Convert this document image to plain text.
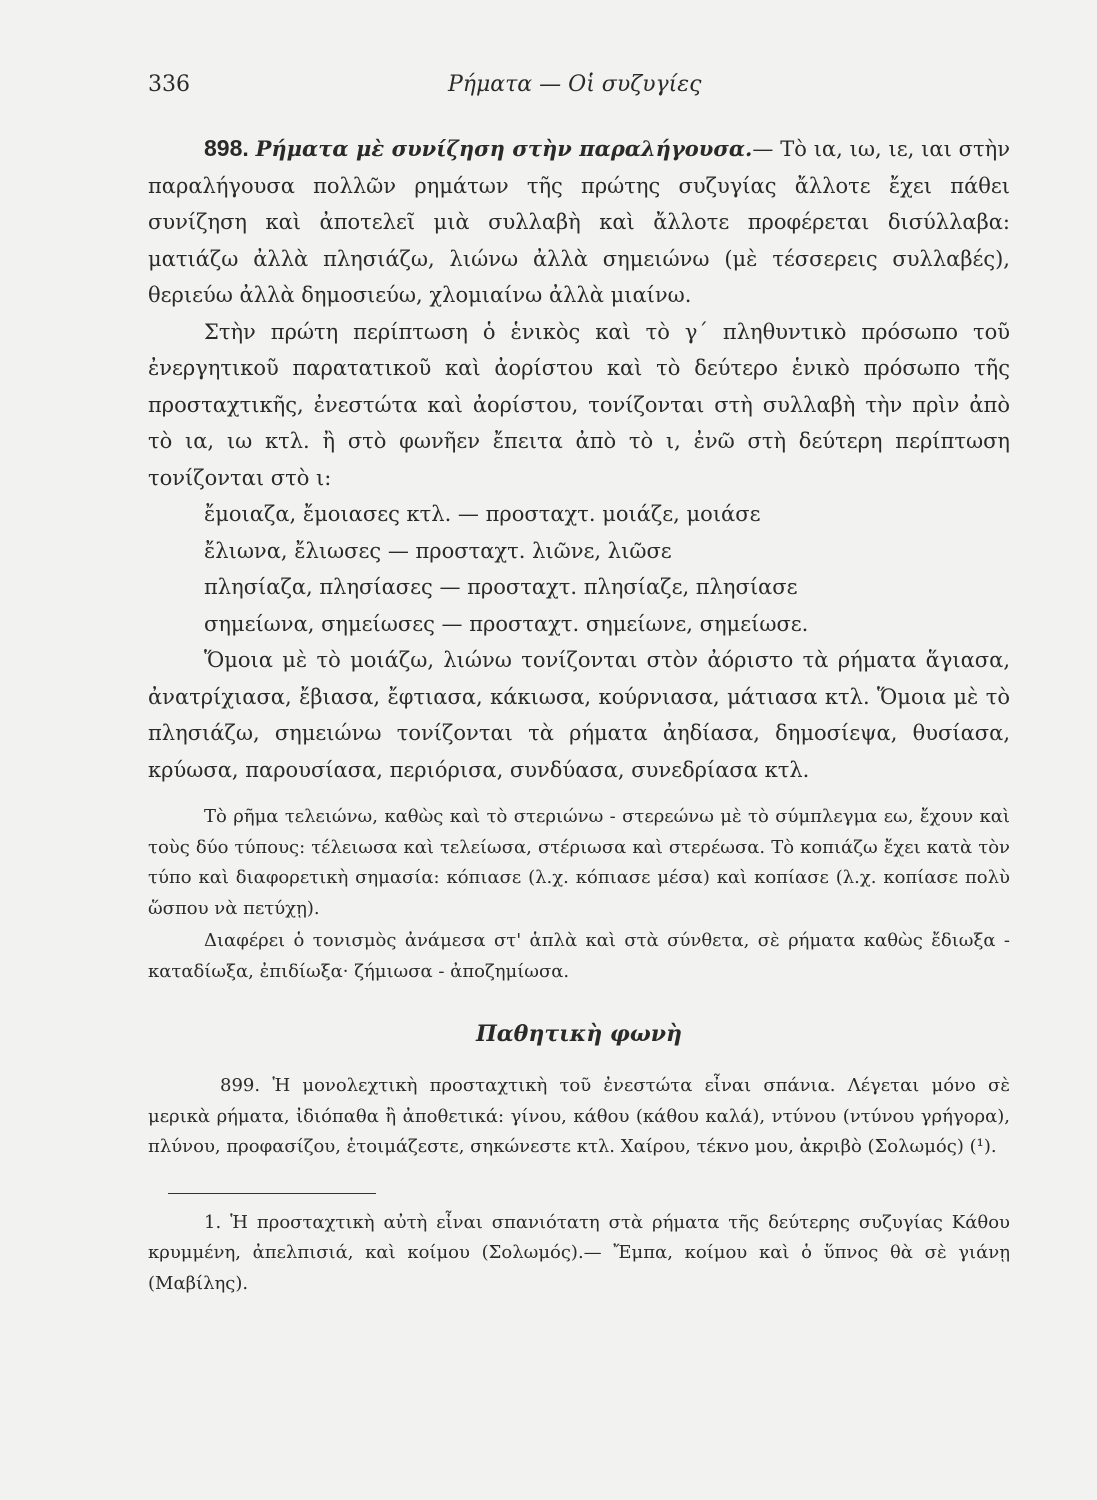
336	Ρήματα — Οἱ συζυγίες

898. Ρήματα μὲ συνίζηση στὴν παραλήγουσα.— Τὸ ια, ιω, ιε, ιαι στὴν παραλήγουσα πολλῶν ρημάτων τῆς πρώτης συζυγίας ἄλλοτε ἔχει πάθει συνίζηση καὶ ἀποτελεῖ μιὰ συλλαβὴ καὶ ἄλλοτε προφέρεται δισύλλαβα: ματιάζω ἀλλὰ πλησιάζω, λιώνω ἀλλὰ σημειώνω (μὲ τέσσερεις συλλαβές), θεριεύω ἀλλὰ δημοσιεύω, χλομιαίνω ἀλλὰ μιαίνω.

Στὴν πρώτη περίπτωση ὁ ἑνικὸς καὶ τὸ γ΄ πληθυντικὸ πρόσωπο τοῦ ἐνεργητικοῦ παρατατικοῦ καὶ ἀορίστου καὶ τὸ δεύτερο ἑνικὸ πρόσωπο τῆς προσταχτικῆς, ἐνεστώτα καὶ ἀορίστου, τονίζονται στὴ συλλαβὴ τὴν πρὶν ἀπὸ τὸ ια, ιω κτλ. ἢ στὸ φωνῆεν ἔπειτα ἀπὸ τὸ ι, ἐνῶ στὴ δεύτερη περίπτωση τονίζονται στὸ ι:

ἔμοιαζα, ἔμοιασες κτλ. — προσταχτ. μοιάζε, μοιάσε

ἔλιωνα, ἔλιωσες — προσταχτ. λιῶνε, λιῶσε

πλησίαζα, πλησίασες — προσταχτ. πλησίαζε, πλησίασε

σημείωνα, σημείωσες — προσταχτ. σημείωνε, σημείωσε.

Ὅμοια μὲ τὸ μοιάζω, λιώνω τονίζονται στὸν ἀόριστο τὰ ρήματα ἅγιασα, ἀνατρίχιασα, ἔβιασα, ἔφτιασα, κάκιωσα, κούρνιασα, μάτιασα κτλ. Ὅμοια μὲ τὸ πλησιάζω, σημειώνω τονίζονται τὰ ρήματα ἀηδίασα, δημοσίεψα, θυσίασα, κρύωσα, παρουσίασα, περιόρισα, συνδύασα, συνεδρίασα κτλ.

Τὸ ρῆμα τελειώνω, καθὼς καὶ τὸ στεριώνω - στερεώνω μὲ τὸ σύμπλεγμα εω, ἔχουν καὶ τοὺς δύο τύπους: τέλειωσα καὶ τελείωσα, στέριωσα καὶ στερέωσα. Τὸ κοπιάζω ἔχει κατὰ τὸν τύπο καὶ διαφορετικὴ σημασία: κόπιασε (λ.χ. κόπιασε μέσα) καὶ κοπίασε (λ.χ. κοπίασε πολὺ ὥσπου νὰ πετύχῃ).

Διαφέρει ὁ τονισμὸς ἀνάμεσα στ' ἁπλὰ καὶ στὰ σύνθετα, σὲ ρήματα καθὼς ἔδιωξα - καταδίωξα, ἐπιδίωξα· ζήμιωσα - ἀποζημίωσα.

Παθητικὴ φωνὴ

899. Ἡ μονολεχτικὴ προσταχτικὴ τοῦ ἐνεστώτα εἶναι σπάνια. Λέγεται μόνο σὲ μερικὰ ρήματα, ἰδιόπαθα ἢ ἀποθετικά: γίνου, κάθου (κάθου καλά), ντύνου (ντύνου γρήγορα), πλύνου, προφασίζου, ἑτοιμάζεστε, σηκώνεστε κτλ. Χαίρου, τέκνο μου, ἀκριβὸ (Σολωμός) (¹).

1. Ἡ προσταχτικὴ αὐτὴ εἶναι σπανιότατη στὰ ρήματα τῆς δεύτερης συζυγίας Κάθου κρυμμένη, ἀπελπισιά, καὶ κοίμου (Σολωμός).— Ἔμπα, κοίμου καὶ ὁ ὕπνος θὰ σὲ γιάνῃ (Μαβίλης).
